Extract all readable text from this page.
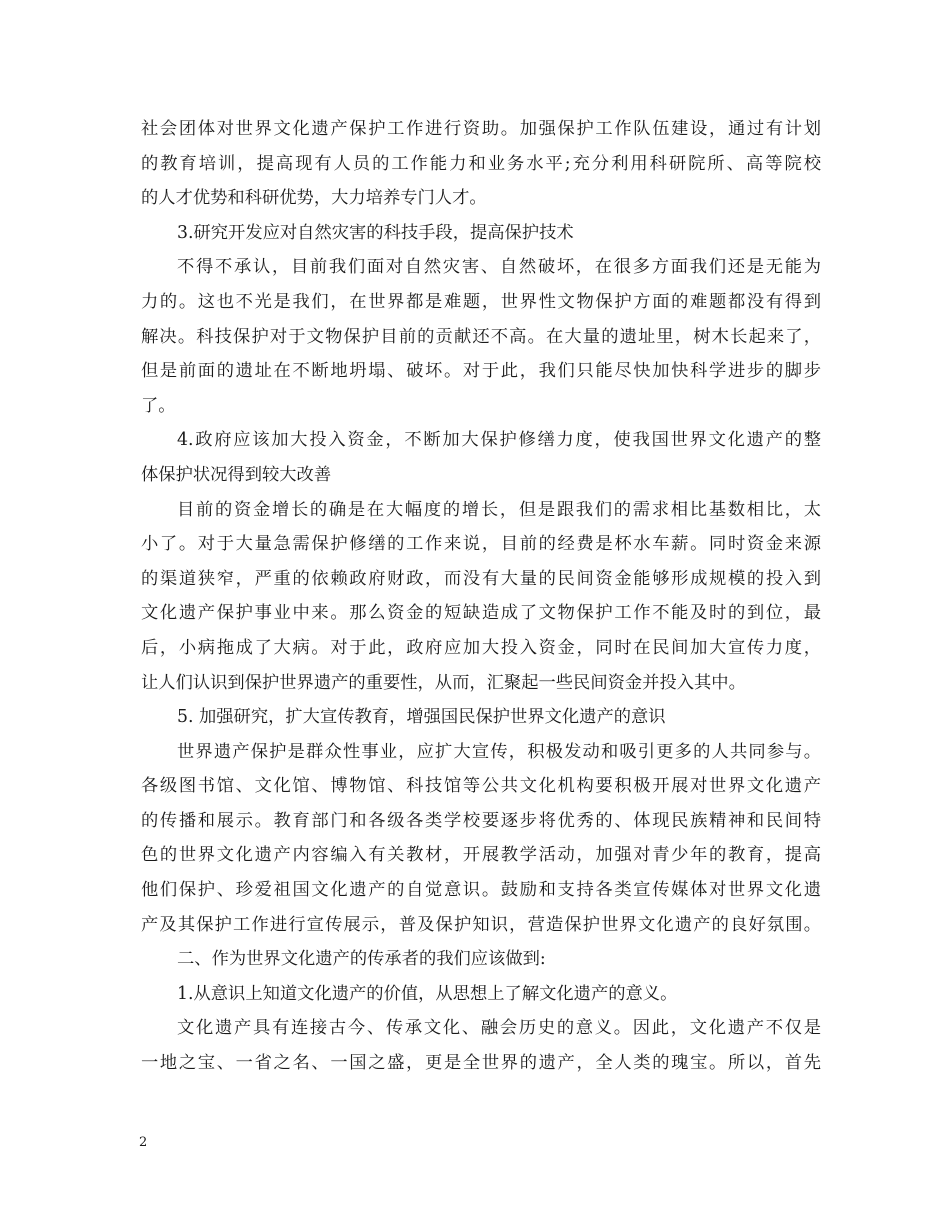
社会团体对世界文化遗产保护工作进行资助。加强保护工作队伍建设，通过有计划
的教育培训，提高现有人员的工作能力和业务水平;充分利用科研院所、高等院校
的人才优势和科研优势，大力培养专门人才。
3.研究开发应对自然灾害的科技手段，提高保护技术
不得不承认，目前我们面对自然灾害、自然破坏，在很多方面我们还是无能为
力的。这也不光是我们，在世界都是难题，世界性文物保护方面的难题都没有得到
解决。科技保护对于文物保护目前的贡献还不高。在大量的遗址里，树木长起来了，
但是前面的遗址在不断地坍塌、破坏。对于此，我们只能尽快加快科学进步的脚步
了。
4.政府应该加大投入资金，不断加大保护修缮力度，使我国世界文化遗产的整
体保护状况得到较大改善
目前的资金增长的确是在大幅度的增长，但是跟我们的需求相比基数相比，太
小了。对于大量急需保护修缮的工作来说，目前的经费是杯水车薪。同时资金来源
的渠道狭窄，严重的依赖政府财政，而没有大量的民间资金能够形成规模的投入到
文化遗产保护事业中来。那么资金的短缺造成了文物保护工作不能及时的到位，最
后，小病拖成了大病。对于此，政府应加大投入资金，同时在民间加大宣传力度，
让人们认识到保护世界遗产的重要性，从而，汇聚起一些民间资金并投入其中。
5. 加强研究，扩大宣传教育，增强国民保护世界文化遗产的意识
世界遗产保护是群众性事业，应扩大宣传，积极发动和吸引更多的人共同参与。
各级图书馆、文化馆、博物馆、科技馆等公共文化机构要积极开展对世界文化遗产
的传播和展示。教育部门和各级各类学校要逐步将优秀的、体现民族精神和民间特
色的世界文化遗产内容编入有关教材，开展教学活动，加强对青少年的教育，提高
他们保护、珍爱祖国文化遗产的自觉意识。鼓励和支持各类宣传媒体对世界文化遗
产及其保护工作进行宣传展示，普及保护知识，营造保护世界文化遗产的良好氛围。
二、作为世界文化遗产的传承者的我们应该做到:
1.从意识上知道文化遗产的价值，从思想上了解文化遗产的意义。
文化遗产具有连接古今、传承文化、融会历史的意义。因此，文化遗产不仅是
一地之宝、一省之名、一国之盛，更是全世界的遗产，全人类的瑰宝。所以，首先
2
